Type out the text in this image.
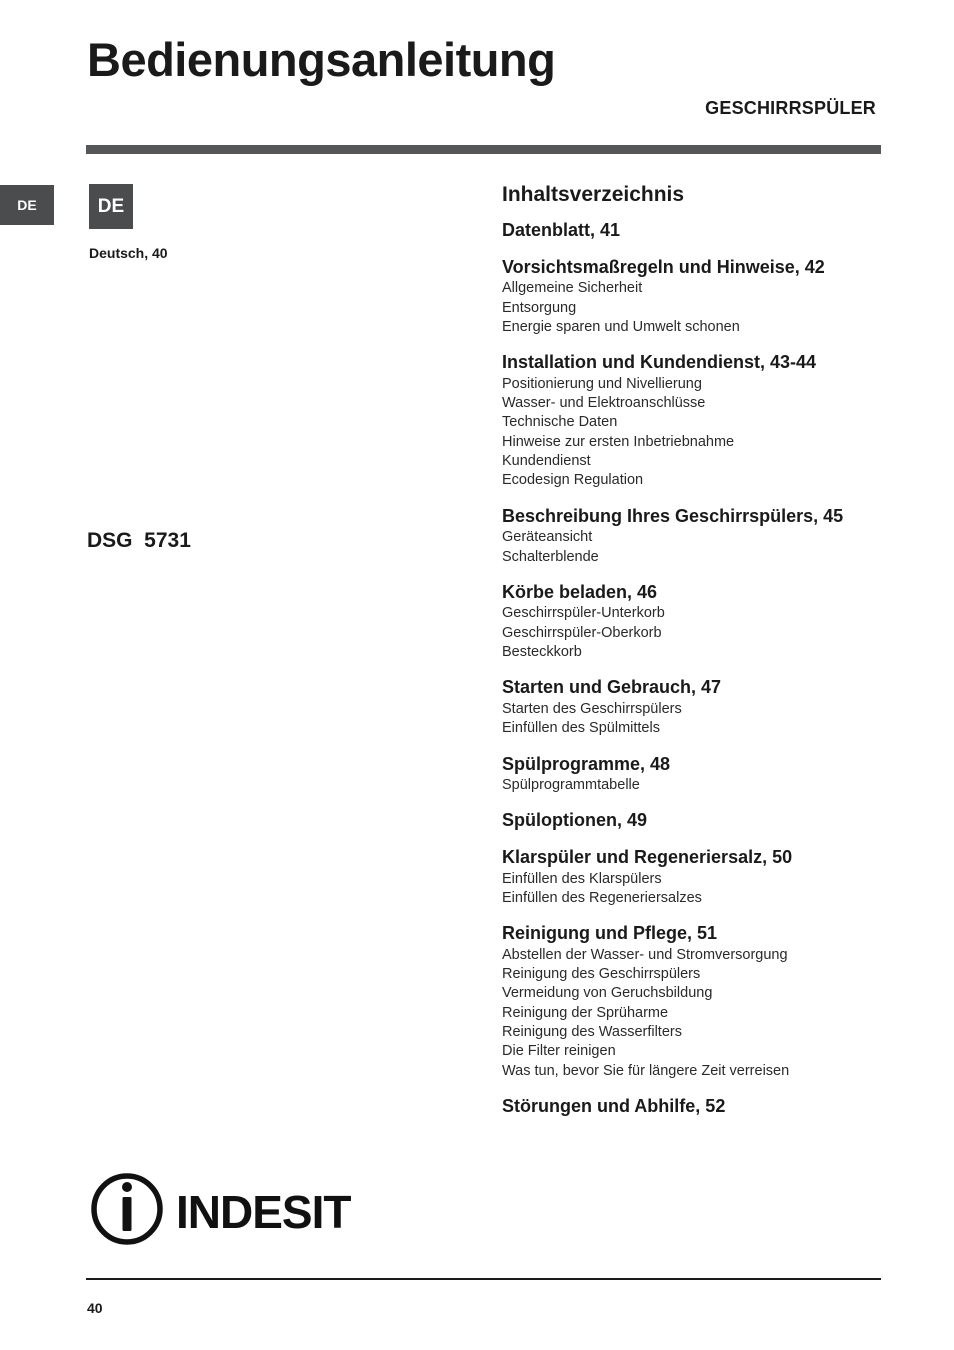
Bedienungsanleitung
GESCHIRRSPÜLER
DE	DE
Deutsch, 40
DSG  5731
Inhaltsverzeichnis
Datenblatt, 41
Vorsichtsmaßregeln und Hinweise, 42
Allgemeine Sicherheit
Entsorgung
Energie sparen und Umwelt schonen
Installation und Kundendienst, 43-44
Positionierung und Nivellierung
Wasser- und Elektroanschlüsse
Technische Daten
Hinweise zur ersten Inbetriebnahme
Kundendienst
Ecodesign Regulation
Beschreibung Ihres Geschirrspülers, 45
Geräteansicht
Schalterblende
Körbe beladen, 46
Geschirrspüler-Unterkorb
Geschirrspüler-Oberkorb
Besteckkorb
Starten und Gebrauch, 47
Starten des Geschirrspülers
Einfüllen des Spülmittels
Spülprogramme, 48
Spülprogrammtabelle
Spüloptionen, 49
Klarspüler und Regeneriersalz, 50
Einfüllen des Klarspülers
Einfüllen des Regeneriersalzes
Reinigung und Pflege, 51
Abstellen der Wasser- und Stromversorgung
Reinigung des Geschirrspülers
Vermeidung von Geruchsbildung
Reinigung der Sprüharme
Reinigung des Wasserfilters
Die Filter reinigen
Was tun, bevor Sie für längere Zeit verreisen
Störungen und Abhilfe, 52
INDESIT
40
